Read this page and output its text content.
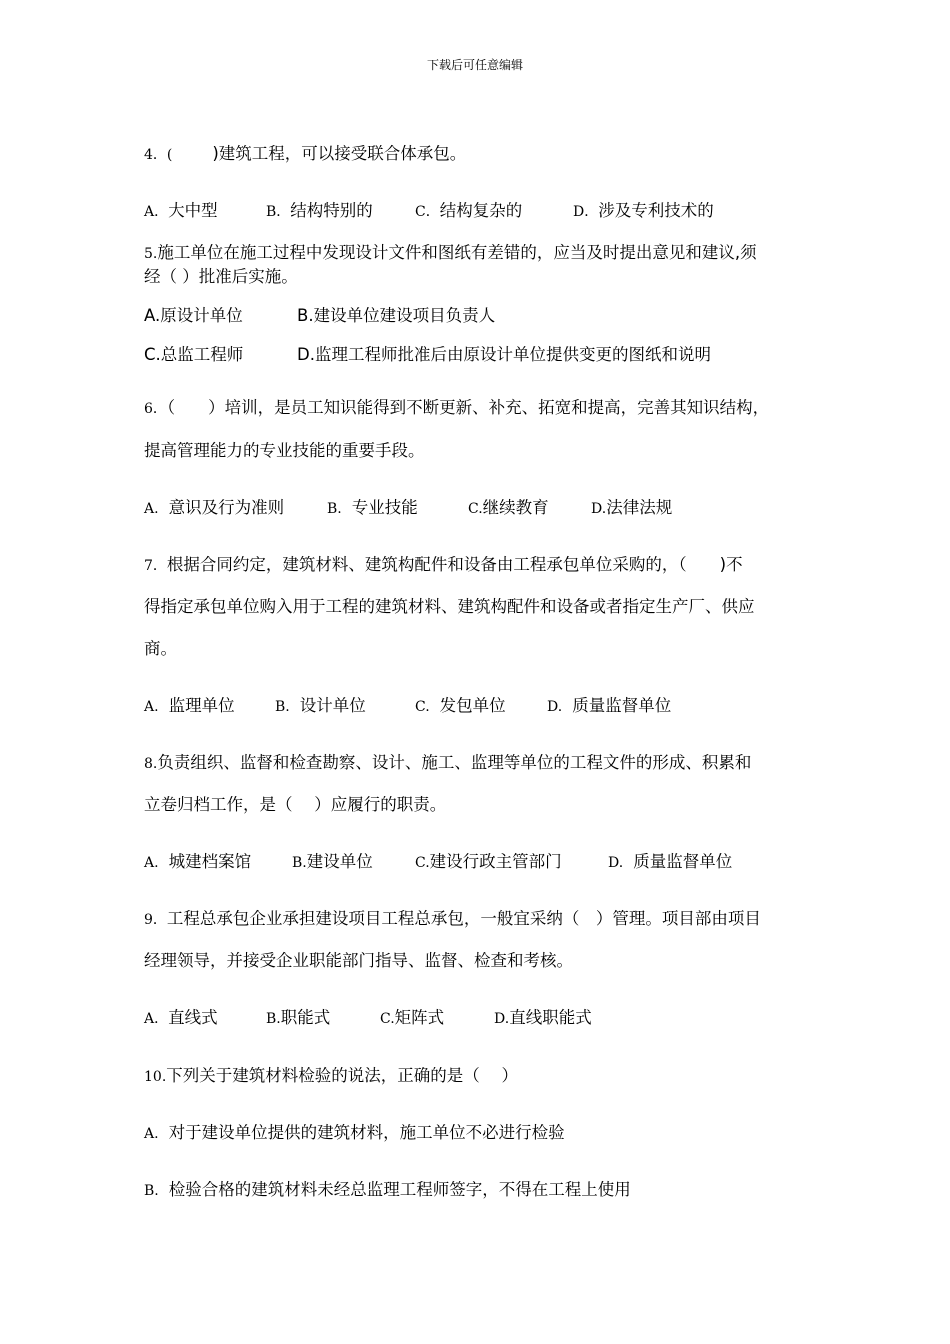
下载后可任意编辑
4．( )建筑工程，可以接受联合体承包。
A．大中型	B．结构特别的	C．结构复杂的	D．涉及专利技术的
5.施工单位在施工过程中发现设计文件和图纸有差错的，应当及时提出意见和建议,须
经（ ）批准后实施。
A.原设计单位	B.建设单位建设项目负责人
C.总监工程师	D.监理工程师批准后由原设计单位提供变更的图纸和说明
6．（　　）培训，是员工知识能得到不断更新、补充、拓宽和提高，完善其知识结构，
提高管理能力的专业技能的重要手段。
A. 意识及行为准则	B. 专业技能	C.继续教育	D.法律法规
7．根据合同约定，建筑材料、建筑构配件和设备由工程承包单位采购的，（　　)不
得指定承包单位购入用于工程的建筑材料、建筑构配件和设备或者指定生产厂、供应
商。
A. 监理单位	B. 设计单位	C. 发包单位	D. 质量监督单位
8.负责组织、监督和检查勘察、设计、施工、监理等单位的工程文件的形成、积累和
立卷归档工作，是（　 ）应履行的职责。
A. 城建档案馆	B.建设单位	C.建设行政主管部门	D. 质量监督单位
9．工程总承包企业承担建设项目工程总承包，一般宜采纳（　）管理。项目部由项目
经理领导，并接受企业职能部门指导、监督、检查和考核。
A．直线式	B.职能式	C.矩阵式	D.直线职能式
10.下列关于建筑材料检验的说法，正确的是（　 ）
A. 对于建设单位提供的建筑材料，施工单位不必进行检验
B. 检验合格的建筑材料未经总监理工程师签字，不得在工程上使用
